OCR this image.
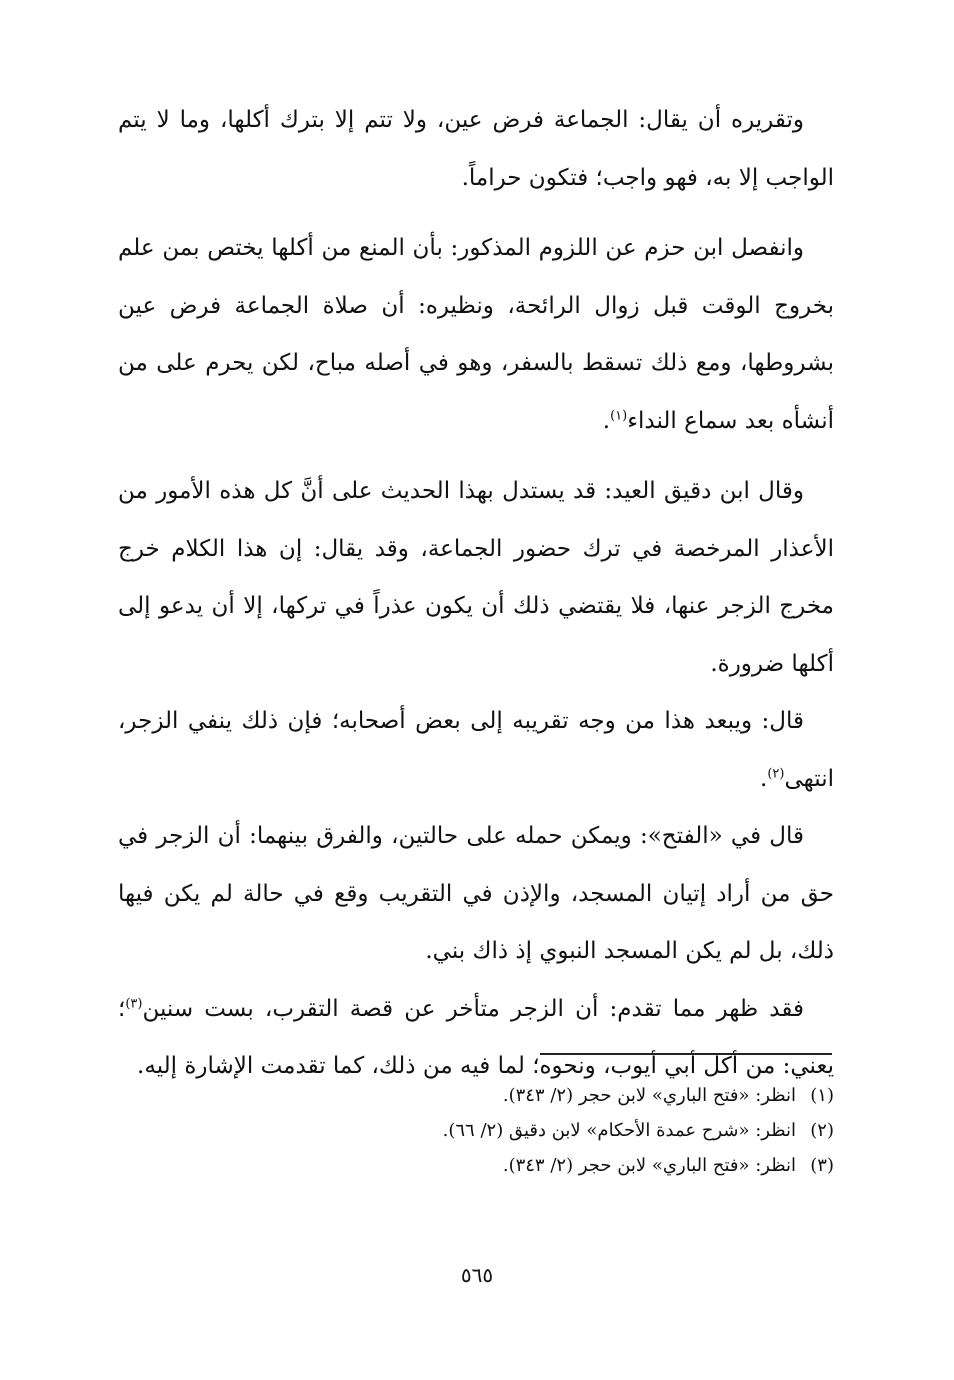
وتقريره أن يقال: الجماعة فرض عين، ولا تتم إلا بترك أكلها، وما لا يتم الواجب إلا به، فهو واجب؛ فتكون حراماً.

وانفصل ابن حزم عن اللزوم المذكور: بأن المنع من أكلها يختص بمن علم بخروج الوقت قبل زوال الرائحة، ونظيره: أن صلاة الجماعة فرض عين بشروطها، ومع ذلك تسقط بالسفر، وهو في أصله مباح، لكن يحرم على من أنشأه بعد سماع النداء$^{(١)}$.

وقال ابن دقيق العيد: قد يستدل بهذا الحديث على أنَّ كل هذه الأمور من الأعذار المرخصة في ترك حضور الجماعة، وقد يقال: إن هذا الكلام خرج مخرج الزجر عنها، فلا يقتضي ذلك أن يكون عذراً في تركها، إلا أن يدعو إلى أكلها ضرورة.

قال: ويبعد هذا من وجه تقريبه إلى بعض أصحابه؛ فإن ذلك ينفي الزجر، انتهى$^{(٢)}$.

قال في «الفتح»: ويمكن حمله على حالتين، والفرق بينهما: أن الزجر في حق من أراد إتيان المسجد، والإذن في التقريب وقع في حالة لم يكن فيها ذلك، بل لم يكن المسجد النبوي إذ ذاك بني.

فقد ظهر مما تقدم: أن الزجر متأخر عن قصة التقرب، بست سنين$^{(٣)}$؛ يعني: من أكل أبي أيوب، ونحوه؛ لما فيه من ذلك، كما تقدمت الإشارة إليه.

(١)انظر: «فتح الباري» لابن حجر (٢/ ٣٤٣).

(٢)انظر: «شرح عمدة الأحكام» لابن دقيق (٢/ ٦٦).

(٣)انظر: «فتح الباري» لابن حجر (٢/ ٣٤٣).

٥٦٥
